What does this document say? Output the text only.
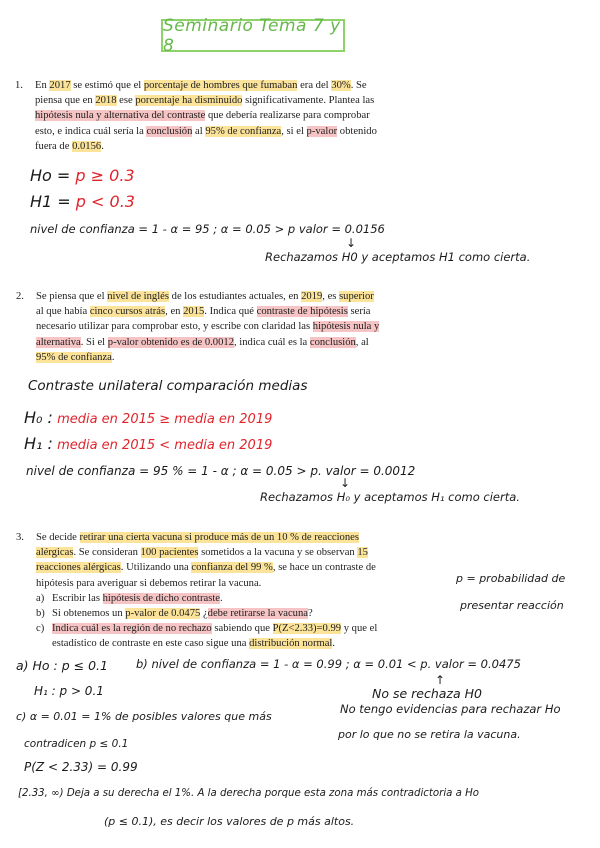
Seminario Tema 7 y 8
1. En 2017 se estimó que el porcentaje de hombres que fumaban era del 30%. Se
piensa que en 2018 ese porcentaje ha disminuido significativamente. Plantea las
hipótesis nula y alternativa del contraste que debería realizarse para comprobar
esto, e indica cuál sería la conclusión al 95% de confianza, si el p-valor obtenido
fuera de 0.0156.
Ho = p ≥ 0.3
H1 = p < 0.3
nivel de confianza = 1 - α = 95 ; α = 0.05 > p valor = 0.0156
↓
Rechazamos H0 y aceptamos H1 como cierta.
2. Se piensa que el nivel de inglés de los estudiantes actuales, en 2019, es superior
al que había cinco cursos atrás, en 2015. Indica qué contraste de hipótesis sería
necesario utilizar para comprobar esto, y escribe con claridad las hipótesis nula y
alternativa. Si el p-valor obtenido es de 0.0012, indica cuál es la conclusión, al
95% de confianza.
Contraste unilateral comparación medias
H₀ : media en 2015 ≥ media en 2019
H₁ : media en 2015 < media en 2019
nivel de confianza = 95 % = 1 - α ; α = 0.05 > p. valor = 0.0012
↓
Rechazamos H₀ y aceptamos H₁ como cierta.
3. Se decide retirar una cierta vacuna si produce más de un 10 % de reacciones
alérgicas. Se consideran 100 pacientes sometidos a la vacuna y se observan 15
reacciones alérgicas. Utilizando una confianza del 99 %, se hace un contraste de
hipótesis para averiguar si debemos retirar la vacuna.
a) Escribir las hipótesis de dicho contraste.
b) Si obtenemos un p-valor de 0.0475 ¿debe retirarse la vacuna?
c) Indica cuál es la región de no rechazo sabiendo que P(Z<2.33)=0.99 y que el
estadístico de contraste en este caso sigue una distribución normal.
p = probabilidad de
presentar reacción
a) Ho : p ≤ 0.1 b) nivel de confianza = 1 - α = 0.99 ; α = 0.01 < p. valor = 0.0475
H₁ : p > 0.1
↑
No se rechaza H0
No tengo evidencias para rechazar Ho
por lo que no se retira la vacuna.
c) α = 0.01 = 1% de posibles valores que más
contradicen p ≤ 0.1
P(Z < 2.33) = 0.99
[2.33, ∞) Deja a su derecha el 1%. A la derecha porque esta zona más contradictoria a Ho
(p ≤ 0.1), es decir los valores de p más altos.
